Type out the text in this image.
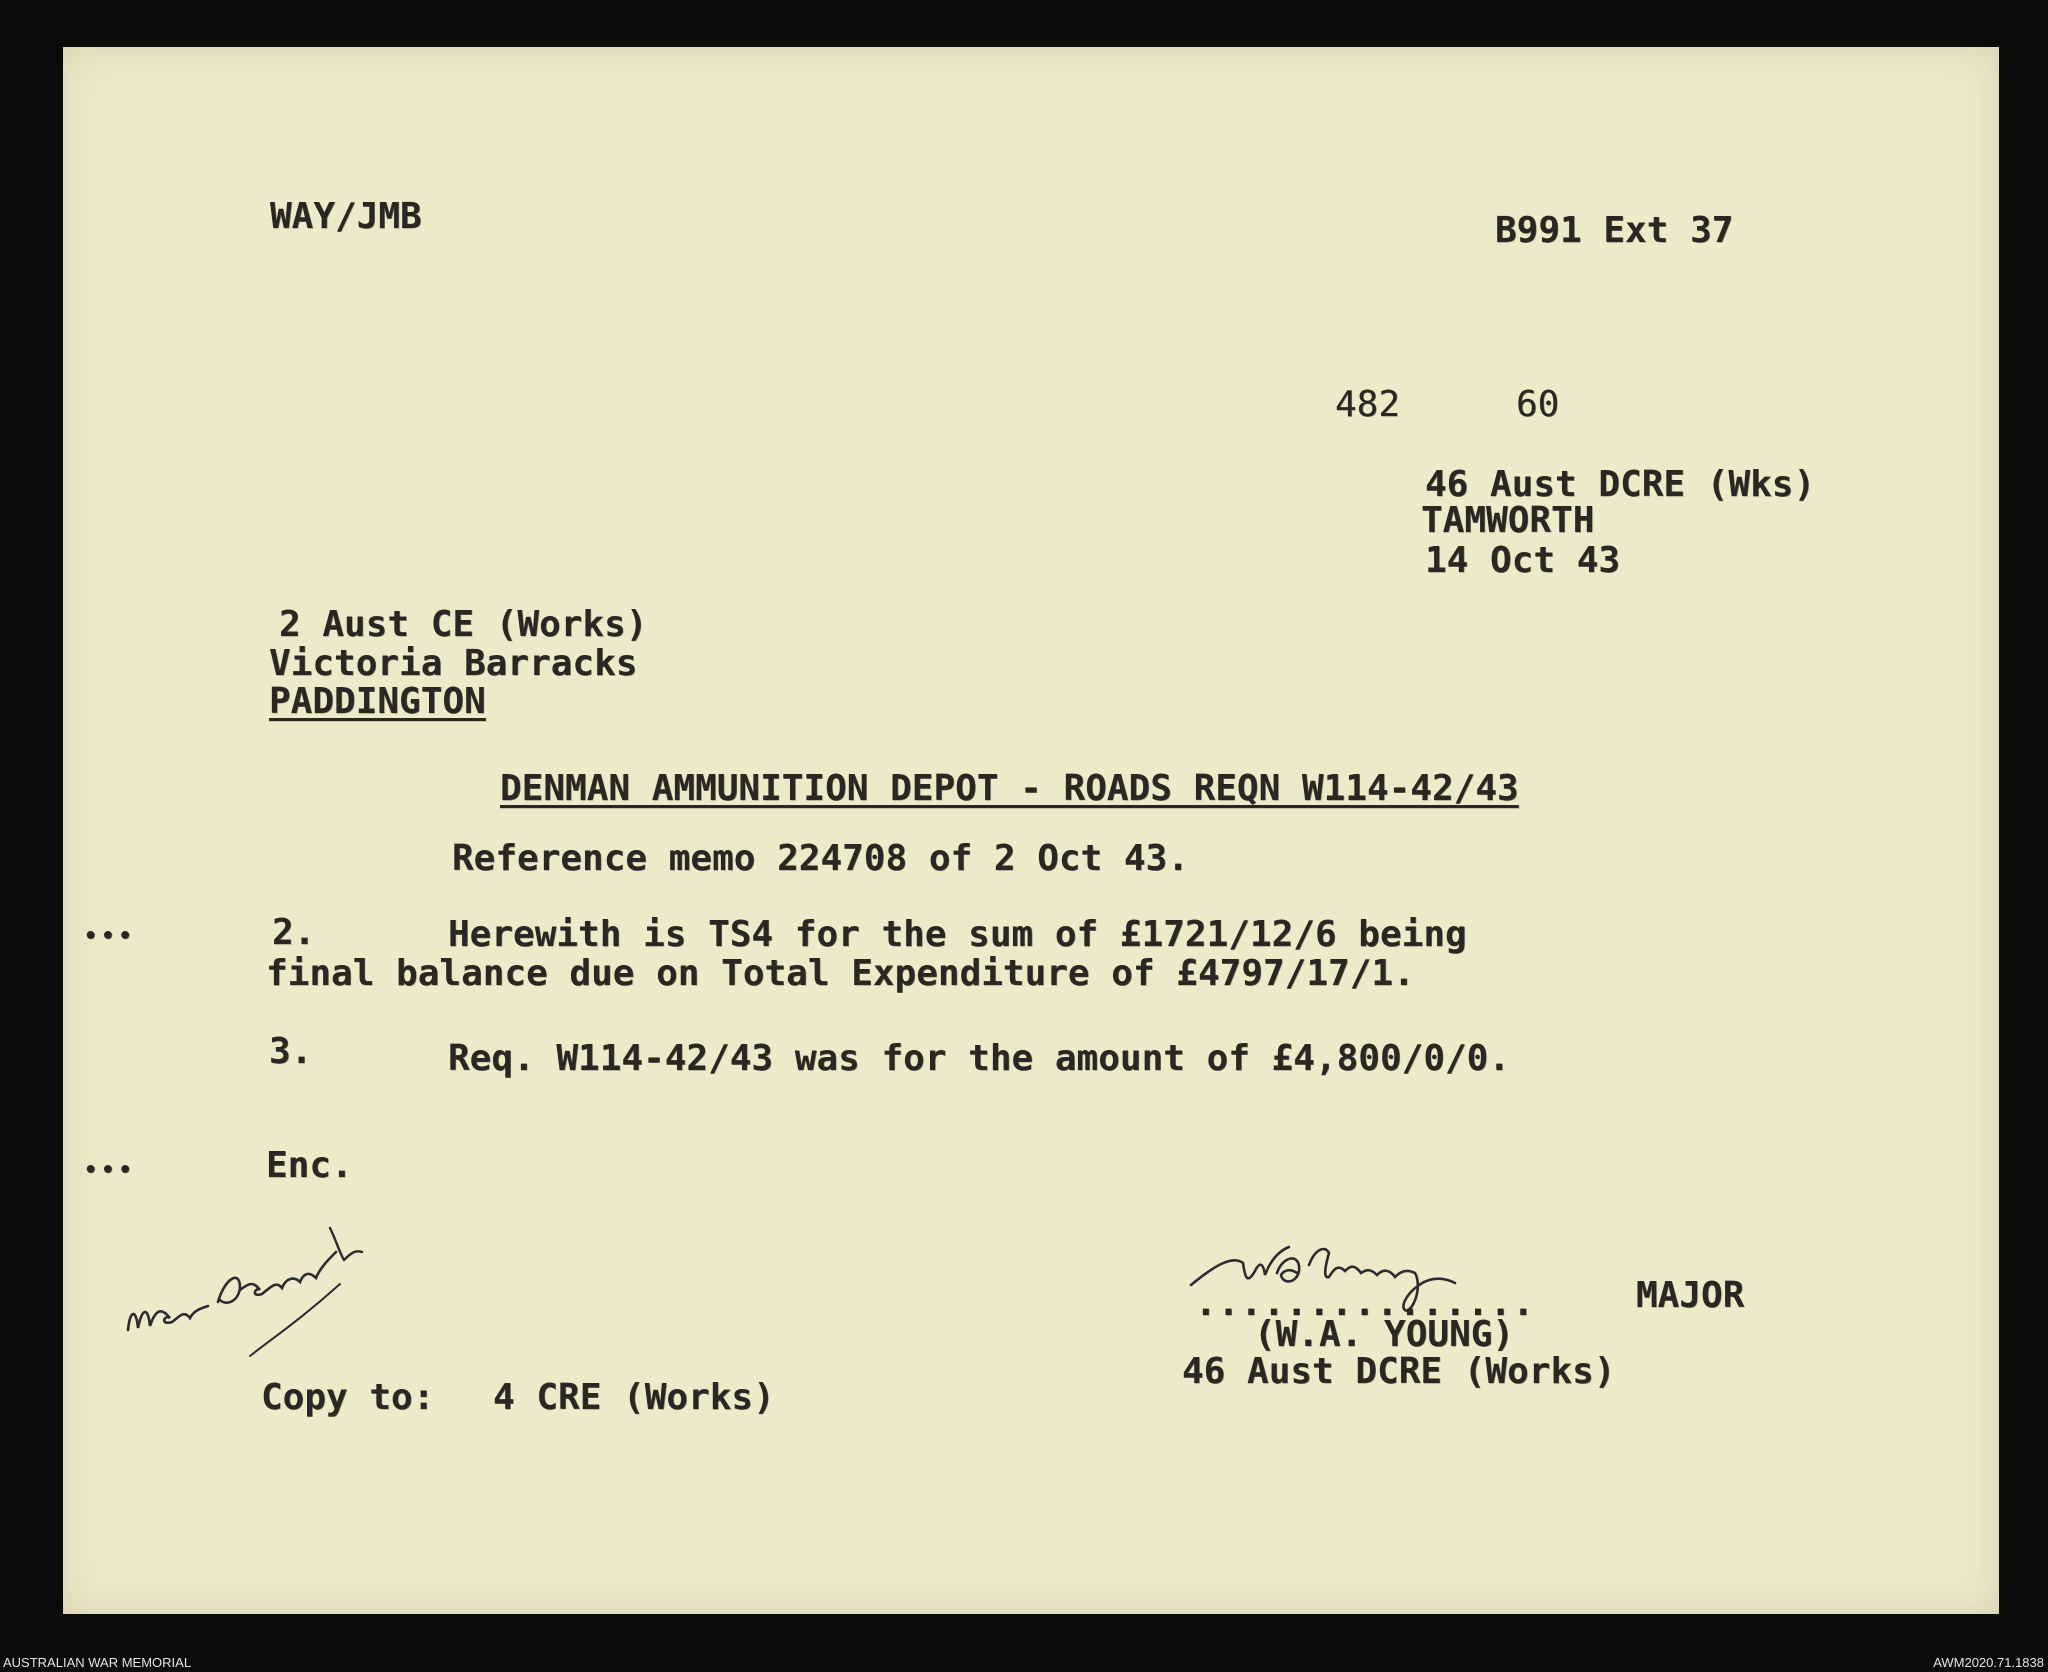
WAY/JMB	B991 Ext 37
482	60
46 Aust DCRE (Wks)
TAMWORTH
14 Oct 43
2 Aust CE (Works)
Victoria Barracks
PADDINGTON
DENMAN AMMUNITION DEPOT - ROADS REQN W114-42/43
Reference memo 224708 of 2 Oct 43.
•••	2.	Herewith is TS4 for the sum of £1721/12/6 being
final balance due on Total Expenditure of £4797/17/1.
3.	Req. W114-42/43 was for the amount of £4,800/0/0.
•••	Enc.
...............	MAJOR
(W.A. YOUNG)
46 Aust DCRE (Works)
Copy to: 4 CRE (Works)
AUSTRALIAN WAR MEMORIAL	AWM2020.71.1838
